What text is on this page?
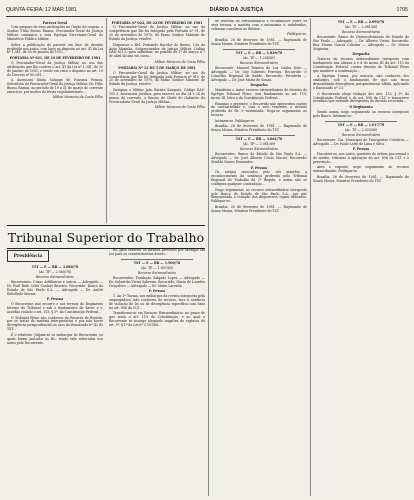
QUINTA-FEIRA, 12 MAR 1981	DIÁRIO DA JUSTIÇA	1705
Parecer Geral
Com preparo de seus atribuições no Órgão de origem, o Senhor Fúlio Bueno Ramos, Procurador-Geral da Justiça Militar, comunica a esta Egrégia Secretaria-Geral do Ministério Público Militar...
Sobre a publicação do parecer em face da decisão proferida nos autos, com base no disposto no art. 41 da Lei nº 1.341, de 30 de janeiro de 1951...
PORTARIA Nº 021, DE 10 DE FEVEREIRO DE 1981
O Procurador-Geral da Justiça Militar, no uso das atribuições que lhe confere o art. 41 da Lei nº 1.341, de 30 de janeiro de 1951, e tendo em vista o disposto no art. 19 do Decreto nº 80.081...
A Assessora Sônia Solange de Fonseca Pessoa, Substituta do Procurador-Geral da Justiça Militar, Dr. Fúlio Bueno Ramos, no período de 19 a 31 de março do corrente exercício, por motivo de férias regulamentares...
Milton Menezes da Costa Filho
PORTARIA Nº 022, DE 22 DE FEVEREIRO DE 1981
O Procurador-Geral da Justiça Militar, no uso da competência que lhe foi delegada pela Portaria nº 91, de 20 de novembro de 1970, do Exmo. Senhor Ministro de Estado da Justiça, resolve:
Dispensar o Bel. Fernando Bacelar de Bueno, Uso da Ação Marinha, Subprocurador da Justiça Militar, Código DAS-101.3, para substituir, no período de 1º de março a 7 de abril do ano em curso...
Milton Menezes da Costa Filho
PORTARIA Nº 23 DE 5 DE MARÇO DE 1981
O Procurador-Geral da Justiça Militar, no uso da competência que lhe foi delegada pela Portaria nº 915, de 20 de novembro de 1970, do Exmo. Senhor Ministro de Estado da Justiça, resolve:
Designar o Militar João Batista Sampaio, Código DAS-101.3, Assessoria Jurídica, para exercer, no dia 24 e 26 de março do corrente, a função de Chefe do Gabinete da Procuradoria-Geral da Justiça Militar...
Milton Menezes da Costa Filho
Tribunal Superior do Trabalho
Presidência
TST — E — RR — 3.080/78
(Ac. TP — 2.060/78)
Recurso Extraordinário
Recorrentes: Cosas Artilheiros e outros — Advogado — Dr. Paul Ruth Celet Goulart Bezerra. Recorrido: Banco do Estado de São Paulo S.A. — Advogado — Dr. André Rebolledo Morais.
P. Pessoa
O Recorrente não recorre e nos termos do Regimento Interno do Tribunal e sob o fundamento de haver o v. acórdão violado o art. 153, § 3º, da Constituição Federal...
O Tribunal Pleno não conheceu do Recurso de Revista, por se tratar de matéria interpretativa e por não haver divergência jurisprudencial no caso do Enunciado nº 42 do TST...
É o relatório. Julgam-se os embargos do Recorrente, os quais foram juntados às fls., tendo sido reiterados nos autos pelo Recorrente.
no, para resolver os direitos previstos por exemplo em Lei para os consentimentos destes...
TST — E — RR — 1.500/78
(Ac. TP — 1.897/80)
Recurso Extraordinário
Recorrentes: Fundação Salgado Lopes — Advogado — Dr. Sebastião Vieira Sabreiro. Recorrido: Maria de Lourdes Gonçalves — Advogado — Dr. Mário Lacerda.
P. Pessoa
1. Ao 1º Turma, nos embargos da revista interposta pela empregadora, não conheceu do recurso, face à ausência de violação de lei ou de divergência específica com base no art. 894 da CLT...
Transforma-se em Recurso Extraordinário, no prazo de que trata o art. 119 da Constituição, e ao qual o Recorrente se insurge alegando negativa de vigência do art. 5º, § 1º da Lei nº 5.107/66...
de reforma de extraordinário e reclamações sobre os seus termos, a matéria com a autonomia e, indeferidos, voltaram conclusos ao Relator.
Publique-se.
Brasília, 26 de fevereiro de 1981. — Raymundo de Souza Moura, Ministro Presidente do TST.
TST — E — RR — 1.829/78
(Ac. TP — 1.254/80)
Recurso Extraordinário
Recorrente: Manoel Teixeira da Luz Cunha Neto — Advogado — Dr. Guy Sobreiro Ferreira. Recorrido: O Conselho Regional de Saúde. Recorrido: Petrobrás — Advogado — Dr. José Maria de Souza.
Despacho
Manifesta o Autor recurso extraordinário de decisão do Egrégio Tribunal Pleno, com fundamento no art. 119, inciso III, letra a da Constituição Federal...
Examino o presente, o Recorrido não apresentou razões de contrariedade e, com o voto vencedor, a decisão proferida de fls. é sustentada. Nega-se seguimento ao recurso.
Intimem-se. Publique-se.
Brasília, 26 de fevereiro de 1981. — Raymundo de Souza Moura, Ministro Presidente do TST.
TST — E — RR — 3.061/78
(Ac. TP — 2.081/80)
Recurso Extraordinário
Recorrentes: Banco do Estado de São Paulo S.A. — Advogado — Dr. José Alberto Couto Maciel. Recorrido: Zenilda Nunes Fernandes.
P. Pessoa
Os artigos invocados pelo réu mantêm a reconhecimento da sentença proferida pelo Tribunal Regional do Trabalho da 2ª Região, e assim não se configura qualquer contradição...
Nego seguimento ao recurso extraordinário interposto pelo Banco do Estado de São Paulo S.A., por não demonstrada a violação dos dispositivos legais indicados. Publique-se.
Brasília, 26 de fevereiro de 1981. — Raymundo de Souza Moura, Ministro Presidente do TST.
TST — E — RR — 2.090/78
(Ac. TP — 2.081/80)
Recurso Extraordinário
Recorrente: Banco de Desenvolvimento do Estado de São Paulo — Advogado — Dr. Alberto Vieira. Recorrido: Ruy Moura Garcia Celuirin — Advogado — Dr. Moura Nogueira.
Despacho
Trata-se de recurso extraordinário interposto com fundamento nas alíneas a e d do inciso III do art. 119 da Constituição Federal, contra decisão do Tribunal Pleno que manteve a condenação...
A Egrégia Turma, por maioria, não conheceu dos embargos, sob o fundamento de que não ficou demonstrada divergência jurisprudencial válida, aplicando o Enunciado nº 23.
O Recorrente alega violação dos arts. 153, § 3º, da Constituição Federal e do art. 896 da CLT, e transcreve acórdãos que entende divergentes da decisão recorrida...
O Regimento
Sendo assim, nego seguimento ao recurso interposto pelo Banco. Intimem-se.
TST — E — RR — 1.017/78
(Ac. TP — 2.025/80)
Recurso Extraordinário
Recorrente: Cia. Municipal de Transportes Coletivos — Advogado — Dr. Paulo Leite de Lima e Silva.
P. Pessoa
Discutem-se, nos autos, questões de ordem processual e de mérito, relativas à aplicação do art. 896 da CLT e à prescrição...
Ante o exposto, nego seguimento ao recurso extraordinário. Publique-se.
Brasília, 26 de fevereiro de 1981. — Raymundo de Souza Moura, Ministro Presidente do TST.
